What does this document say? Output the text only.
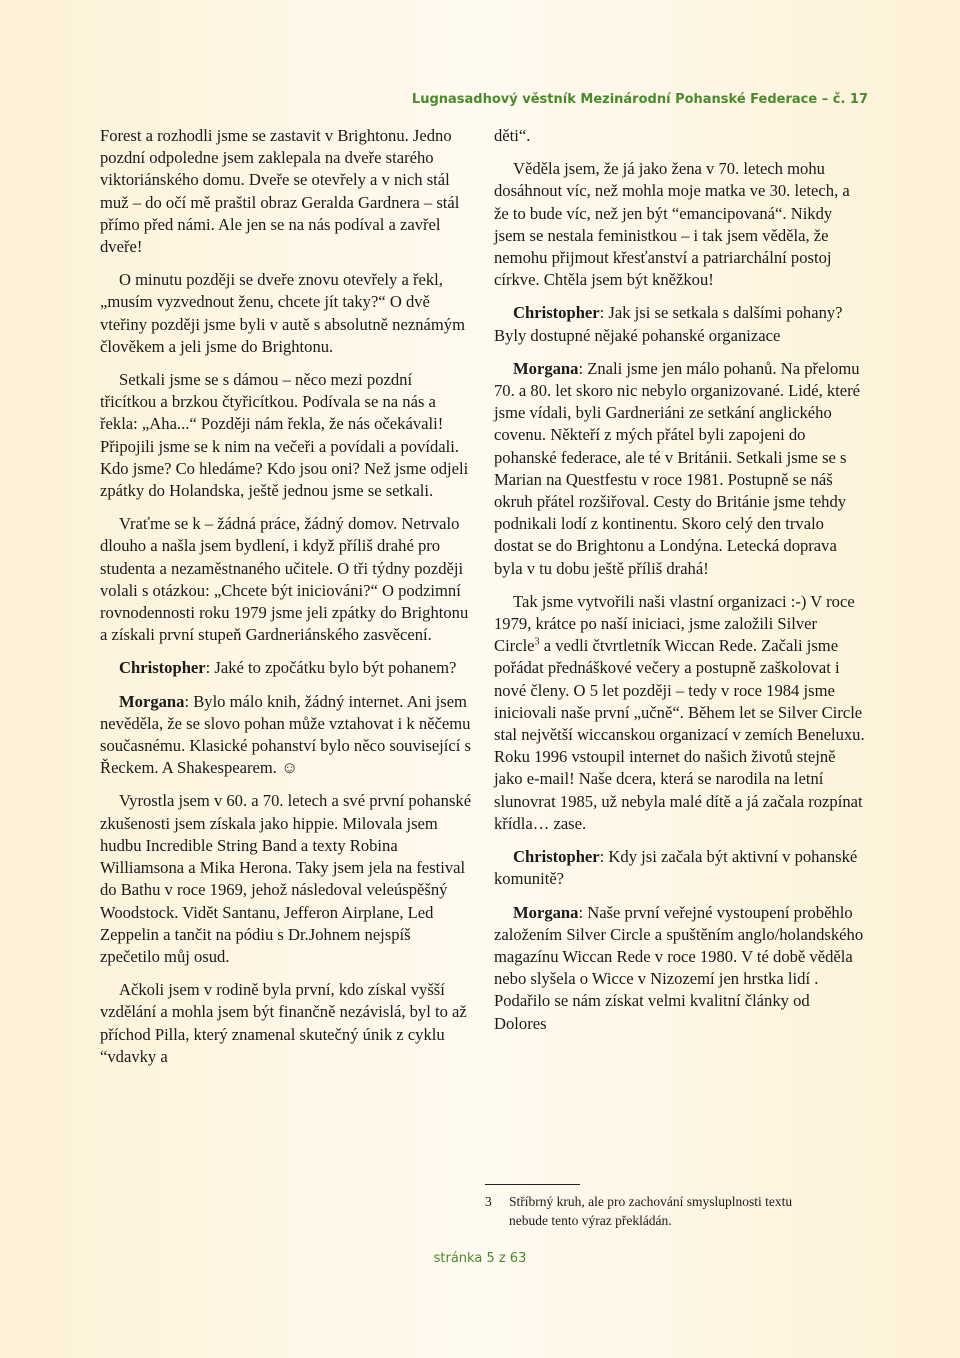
Lugnasadhový věstník Mezinárodní Pohanské Federace – č. 17

Forest a rozhodli jsme se zastavit v Brightonu. Jedno pozdní odpoledne jsem zaklepala na dveře starého viktoriánského domu. Dveře se otevřely a v nich stál muž – do očí mě praštil obraz Geralda Gardnera – stál přímo před námi. Ale jen se na nás podíval a zavřel dveře!

O minutu později se dveře znovu otevřely a řekl, „musím vyzvednout ženu, chcete jít taky?“ O dvě vteřiny později jsme byli v autě s absolutně neznámým člověkem a jeli jsme do Brightonu.

Setkali jsme se s dámou – něco mezi pozdní třicítkou a brzkou čtyřicítkou. Podívala se na nás a řekla: „Aha...“ Později nám řekla, že nás očekávali! Připojili jsme se k nim na večeři a povídali a povídali. Kdo jsme? Co hledáme? Kdo jsou oni? Než jsme odjeli zpátky do Holandska, ještě jednou jsme se setkali.

Vraťme se k – žádná práce, žádný domov. Netrvalo dlouho a našla jsem bydlení, i když příliš drahé pro studenta a nezaměstnaného učitele. O tři týdny později volali s otázkou: „Chcete být iniciováni?“ O podzimní rovnodennosti roku 1979 jsme jeli zpátky do Brightonu a získali první stupeň Gardneriánského zasvěcení.

Christopher: Jaké to zpočátku bylo být pohanem?

Morgana: Bylo málo knih, žádný internet. Ani jsem nevěděla, že se slovo pohan může vztahovat i k něčemu současnému. Klasické pohanství bylo něco související s Řeckem. A Shakespearem. ☺

Vyrostla jsem v 60. a 70. letech a své první pohanské zkušenosti jsem získala jako hippie. Milovala jsem hudbu Incredible String Band a texty Robina Williamsona a Mika Herona. Taky jsem jela na festival do Bathu v roce 1969, jehož následoval veleúspěšný Woodstock. Vidět Santanu, Jefferon Airplane, Led Zeppelin a tančit na pódiu s Dr.Johnem nejspíš zpečetilo můj osud.

Ačkoli jsem v rodině byla první, kdo získal vyšší vzdělání a mohla jsem být finančně nezávislá, byl to až příchod Pilla, který znamenal skutečný únik z cyklu “vdavky a

děti“.

Věděla jsem, že já jako žena v 70. letech mohu dosáhnout víc, než mohla moje matka ve 30. letech, a že to bude víc, než jen být “emancipovaná“. Nikdy jsem se nestala feministkou – i tak jsem věděla, že nemohu přijmout křesťanství a patriarchální postoj církve. Chtěla jsem být kněžkou!

Christopher: Jak jsi se setkala s dalšími pohany? Byly dostupné nějaké pohanské organizace

Morgana: Znali jsme jen málo pohanů. Na přelomu 70. a 80. let skoro nic nebylo organizované. Lidé, které jsme vídali, byli Gardneriáni ze setkání anglického covenu. Někteří z mých přátel byli zapojeni do pohanské federace, ale té v Británii. Setkali jsme se s Marian na Questfestu v roce 1981. Postupně se náš okruh přátel rozšiřoval. Cesty do Británie jsme tehdy podnikali lodí z kontinentu. Skoro celý den trvalo dostat se do Brightonu a Londýna. Letecká doprava byla v tu dobu ještě příliš drahá!

Tak jsme vytvořili naši vlastní organizaci :-) V roce 1979, krátce po naší iniciaci, jsme založili Silver Circle$^3$ a vedli čtvrtletník Wiccan Rede. Začali jsme pořádat přednáškové večery a postupně zaškolovat i nové členy. O 5 let později – tedy v roce 1984 jsme iniciovali naše první „učně“. Během let se Silver Circle stal největší wiccanskou organizací v zemích Beneluxu. Roku 1996 vstoupil internet do našich životů stejně jako e-mail! Naše dcera, která se narodila na letní slunovrat 1985, už nebyla malé dítě a já začala rozpínat křídla… zase.

Christopher: Kdy jsi začala být aktivní v pohanské komunitě?

Morgana: Naše první veřejné vystoupení proběhlo založením Silver Circle a spuštěním anglo/holandského magazínu Wiccan Rede v roce 1980. V té době věděla nebo slyšela o Wicce v Nizozemí jen hrstka lidí . Podařilo se nám získat velmi kvalitní články od Dolores

3 Stříbrný kruh, ale pro zachování smysluplnosti textu
nebude tento výraz překládán.
stránka 5 z 63
